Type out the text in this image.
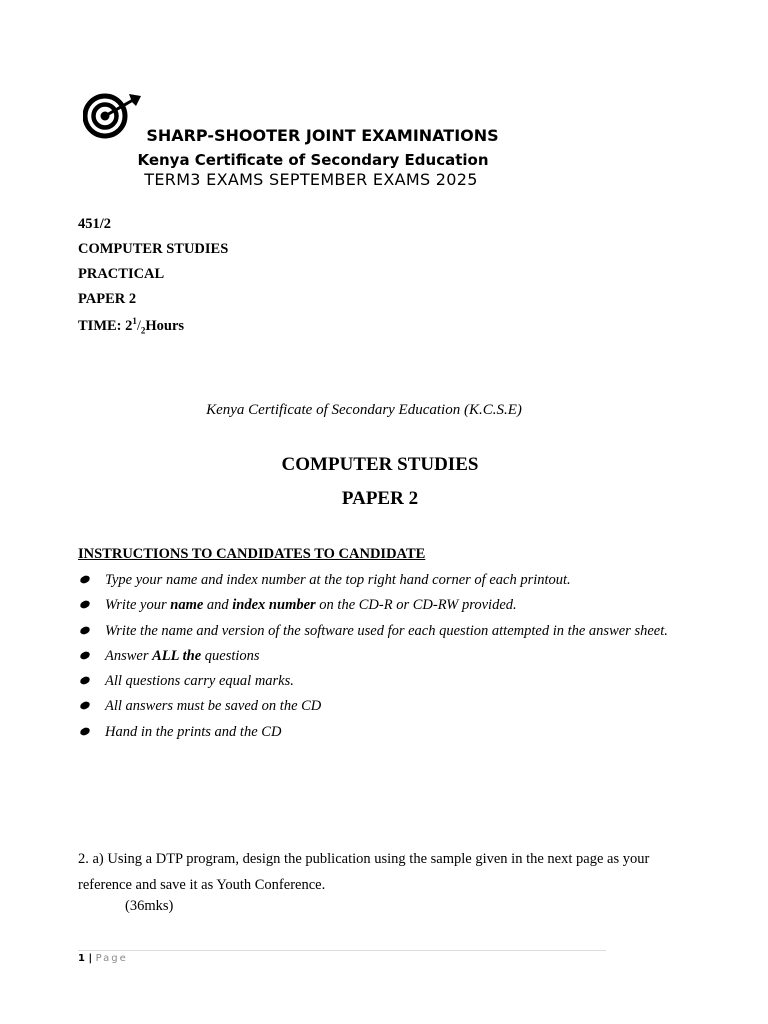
SHARP-SHOOTER JOINT EXAMINATIONS
Kenya Certificate of Secondary Education
TERM3 EXAMS SEPTEMBER EXAMS 2025
451/2
COMPUTER STUDIES
PRACTICAL
PAPER 2
TIME: $2^1/_2Hours$
Kenya Certificate of Secondary Education (K.C.S.E)
COMPUTER STUDIES
PAPER 2
INSTRUCTIONS TO CANDIDATES TO CANDIDATE
Type your name and index number at the top right hand corner of each printout.
Write your name and index number on the CD-R or CD-RW provided.
Write the name and version of the software used for each question attempted in the answer sheet.
Answer ALL the questions
All questions carry equal marks.
All answers must be saved on the CD
Hand in the prints and the CD
2. a) Using a DTP program, design the publication using the sample given in the next page as your reference and save it as Youth Conference.
(36mks)
1 | Page
